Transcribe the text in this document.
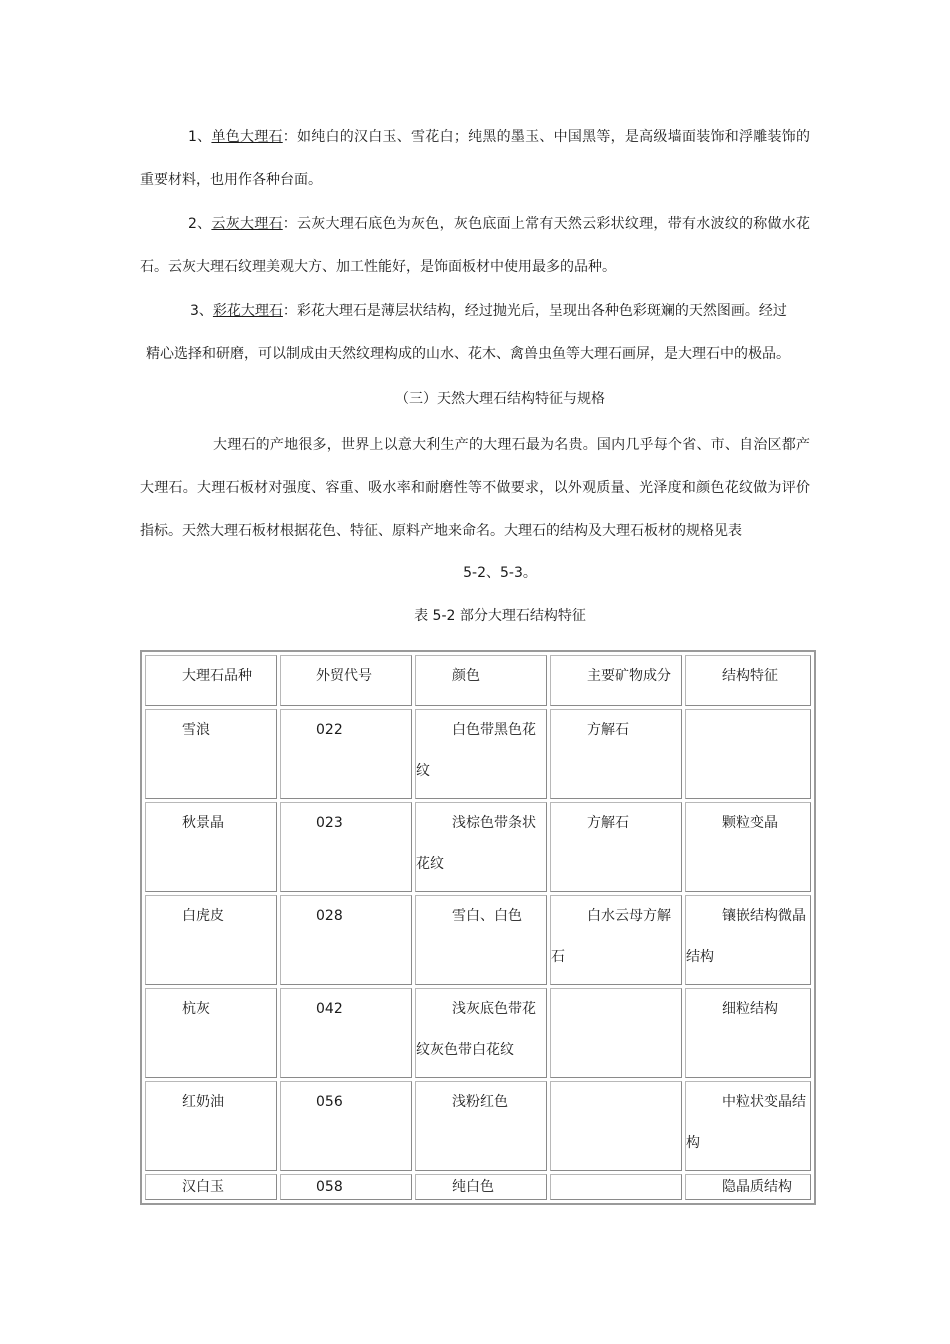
1、单色大理石：如纯白的汉白玉、雪花白；纯黑的墨玉、中国黑等，是高级墙面装饰和浮雕装饰的重要材料，也用作各种台面。

2、云灰大理石：云灰大理石底色为灰色，灰色底面上常有天然云彩状纹理，带有水波纹的称做水花石。云灰大理石纹理美观大方、加工性能好，是饰面板材中使用最多的品种。

3、彩花大理石：彩花大理石是薄层状结构，经过抛光后，呈现出各种色彩斑斓的天然图画。经过
精心选择和研磨，可以制成由天然纹理构成的山水、花木、禽兽虫鱼等大理石画屏，是大理石中的极品。

（三）天然大理石结构特征与规格

大理石的产地很多，世界上以意大利生产的大理石最为名贵。国内几乎每个省、市、自治区都产大理石。大理石板材对强度、容重、吸水率和耐磨性等不做要求，以外观质量、光泽度和颜色花纹做为评价指标。天然大理石板材根据花色、特征、原料产地来命名。大理石的结构及大理石板材的规格见表

5-2、5-3。
表 5-2 部分大理石结构特征
大理石品种	外贸代号	颜色	主要矿物成分	结构特征

雪浪	022	白色带黑色花纹	方解石	

秋景晶	023	浅棕色带条状花纹	方解石	颗粒变晶

白虎皮	028	雪白、白色	白水云母方解石	镶嵌结构微晶结构

杭灰	042	浅灰底色带花纹灰色带白花纹		细粒结构

红奶油	056	浅粉红色		中粒状变晶结构

汉白玉	058	纯白色		隐晶质结构
